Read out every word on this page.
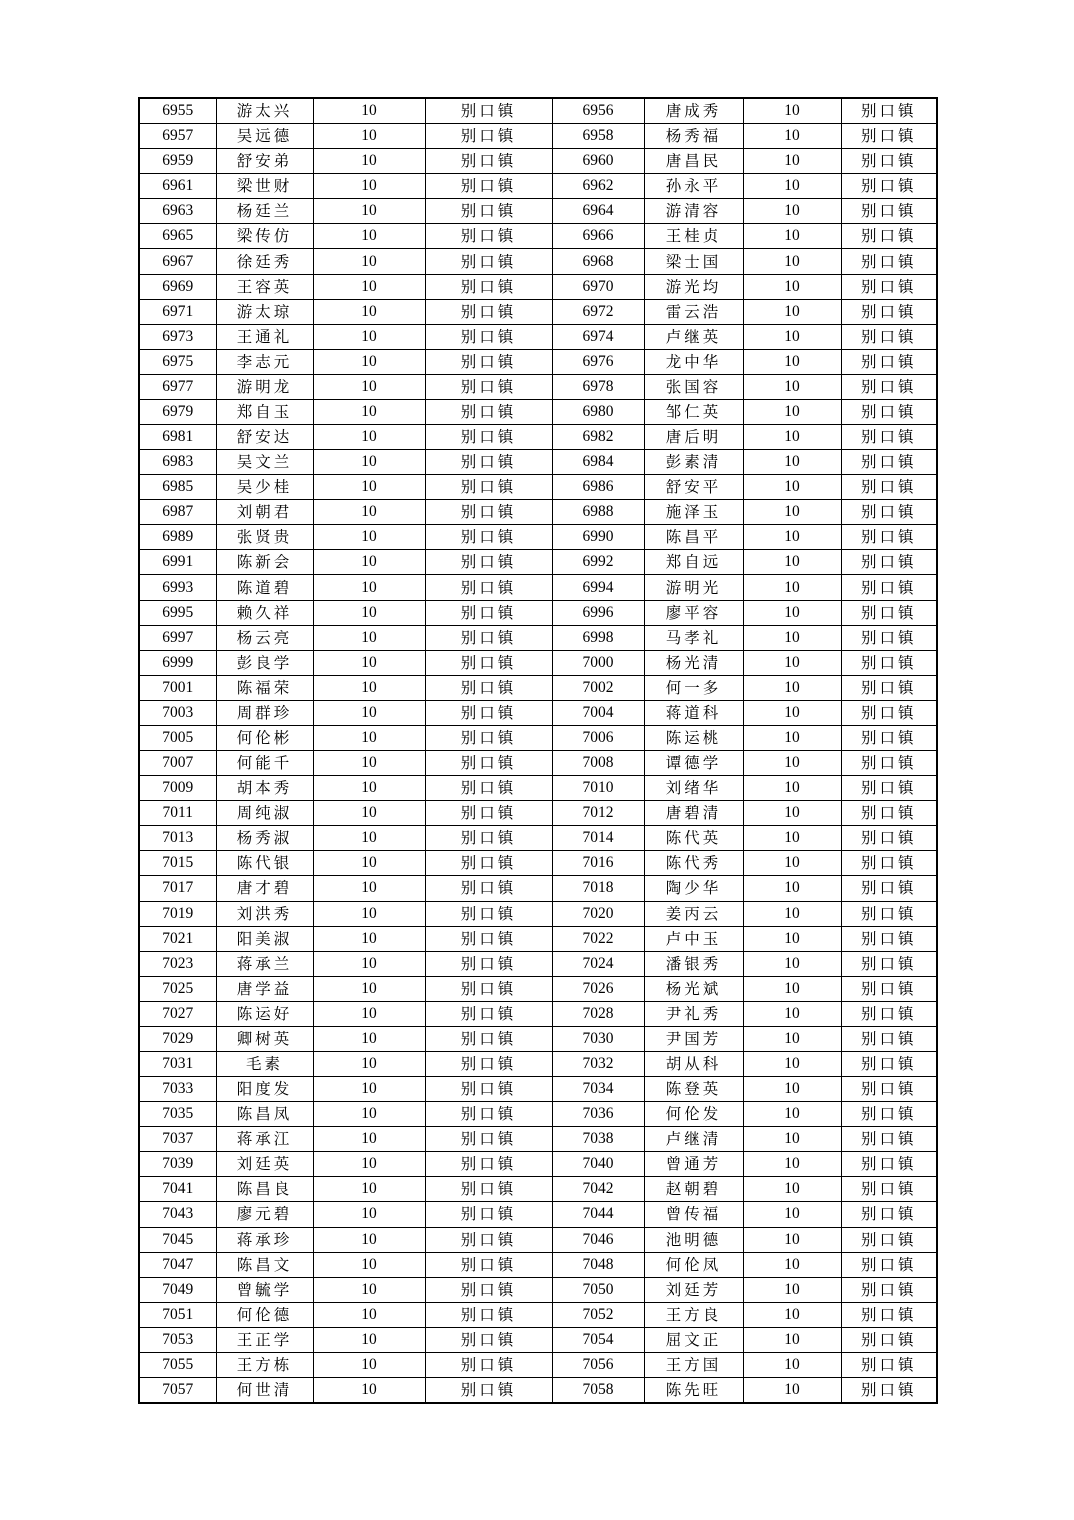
6955	游太兴	10	别口镇	6956	唐成秀	10	别口镇
6957	吴远德	10	别口镇	6958	杨秀福	10	别口镇
6959	舒安弟	10	别口镇	6960	唐昌民	10	别口镇
6961	梁世财	10	别口镇	6962	孙永平	10	别口镇
6963	杨廷兰	10	别口镇	6964	游清容	10	别口镇
6965	梁传仿	10	别口镇	6966	王桂贞	10	别口镇
6967	徐廷秀	10	别口镇	6968	梁士国	10	别口镇
6969	王容英	10	别口镇	6970	游光均	10	别口镇
6971	游太琼	10	别口镇	6972	雷云浩	10	别口镇
6973	王通礼	10	别口镇	6974	卢继英	10	别口镇
6975	李志元	10	别口镇	6976	龙中华	10	别口镇
6977	游明龙	10	别口镇	6978	张国容	10	别口镇
6979	郑自玉	10	别口镇	6980	邹仁英	10	别口镇
6981	舒安达	10	别口镇	6982	唐后明	10	别口镇
6983	吴文兰	10	别口镇	6984	彭素清	10	别口镇
6985	吴少桂	10	别口镇	6986	舒安平	10	别口镇
6987	刘朝君	10	别口镇	6988	施泽玉	10	别口镇
6989	张贤贵	10	别口镇	6990	陈昌平	10	别口镇
6991	陈新会	10	别口镇	6992	郑自远	10	别口镇
6993	陈道碧	10	别口镇	6994	游明光	10	别口镇
6995	赖久祥	10	别口镇	6996	廖平容	10	别口镇
6997	杨云亮	10	别口镇	6998	马孝礼	10	别口镇
6999	彭良学	10	别口镇	7000	杨光清	10	别口镇
7001	陈福荣	10	别口镇	7002	何一多	10	别口镇
7003	周群珍	10	别口镇	7004	蒋道科	10	别口镇
7005	何伦彬	10	别口镇	7006	陈运桃	10	别口镇
7007	何能千	10	别口镇	7008	谭德学	10	别口镇
7009	胡本秀	10	别口镇	7010	刘绪华	10	别口镇
7011	周纯淑	10	别口镇	7012	唐碧清	10	别口镇
7013	杨秀淑	10	别口镇	7014	陈代英	10	别口镇
7015	陈代银	10	别口镇	7016	陈代秀	10	别口镇
7017	唐才碧	10	别口镇	7018	陶少华	10	别口镇
7019	刘洪秀	10	别口镇	7020	姜丙云	10	别口镇
7021	阳美淑	10	别口镇	7022	卢中玉	10	别口镇
7023	蒋承兰	10	别口镇	7024	潘银秀	10	别口镇
7025	唐学益	10	别口镇	7026	杨光斌	10	别口镇
7027	陈运好	10	别口镇	7028	尹礼秀	10	别口镇
7029	卿树英	10	别口镇	7030	尹国芳	10	别口镇
7031	毛素	10	别口镇	7032	胡从科	10	别口镇
7033	阳度发	10	别口镇	7034	陈登英	10	别口镇
7035	陈昌凤	10	别口镇	7036	何伦发	10	别口镇
7037	蒋承江	10	别口镇	7038	卢继清	10	别口镇
7039	刘廷英	10	别口镇	7040	曾通芳	10	别口镇
7041	陈昌良	10	别口镇	7042	赵朝碧	10	别口镇
7043	廖元碧	10	别口镇	7044	曾传福	10	别口镇
7045	蒋承珍	10	别口镇	7046	池明德	10	别口镇
7047	陈昌文	10	别口镇	7048	何伦凤	10	别口镇
7049	曾毓学	10	别口镇	7050	刘廷芳	10	别口镇
7051	何伦德	10	别口镇	7052	王方良	10	别口镇
7053	王正学	10	别口镇	7054	屈文正	10	别口镇
7055	王方栋	10	别口镇	7056	王方国	10	别口镇
7057	何世清	10	别口镇	7058	陈先旺	10	别口镇
